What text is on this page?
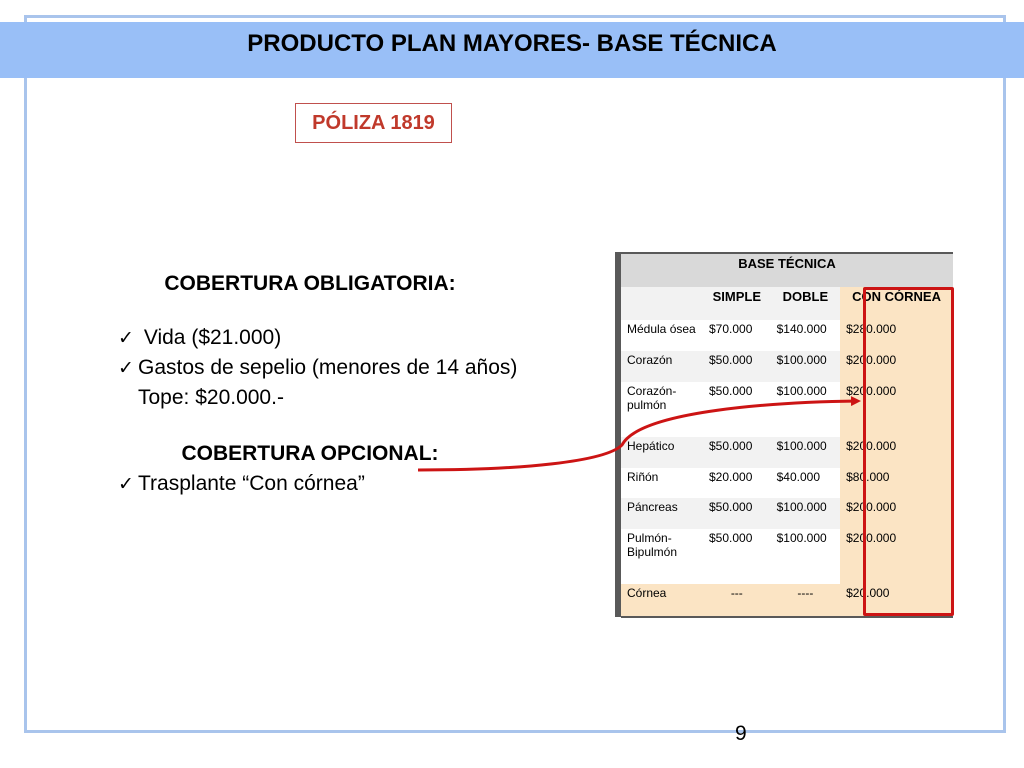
PRODUCTO PLAN MAYORES- BASE TÉCNICA
PÓLIZA 1819
COBERTURA OBLIGATORIA:
✓ Vida ($21.000)
✓ Gastos de sepelio (menores de 14 años)
Tope: $20.000.-
COBERTURA OPCIONAL:
✓ Trasplante “Con córnea”
	BASE TÉCNICA			
		SIMPLE	DOBLE	CON CÓRNEA
	Médula ósea	$70.000	$140.000	$280.000
	Corazón	$50.000	$100.000	$200.000
	Corazón-pulmón	$50.000	$100.000	$200.000
	Hepático	$50.000	$100.000	$200.000
	Riñón	$20.000	$40.000	$80.000
	Páncreas	$50.000	$100.000	$200.000
	Pulmón-Bipulmón	$50.000	$100.000	$200.000
	Córnea	---	----	$20.000
9
